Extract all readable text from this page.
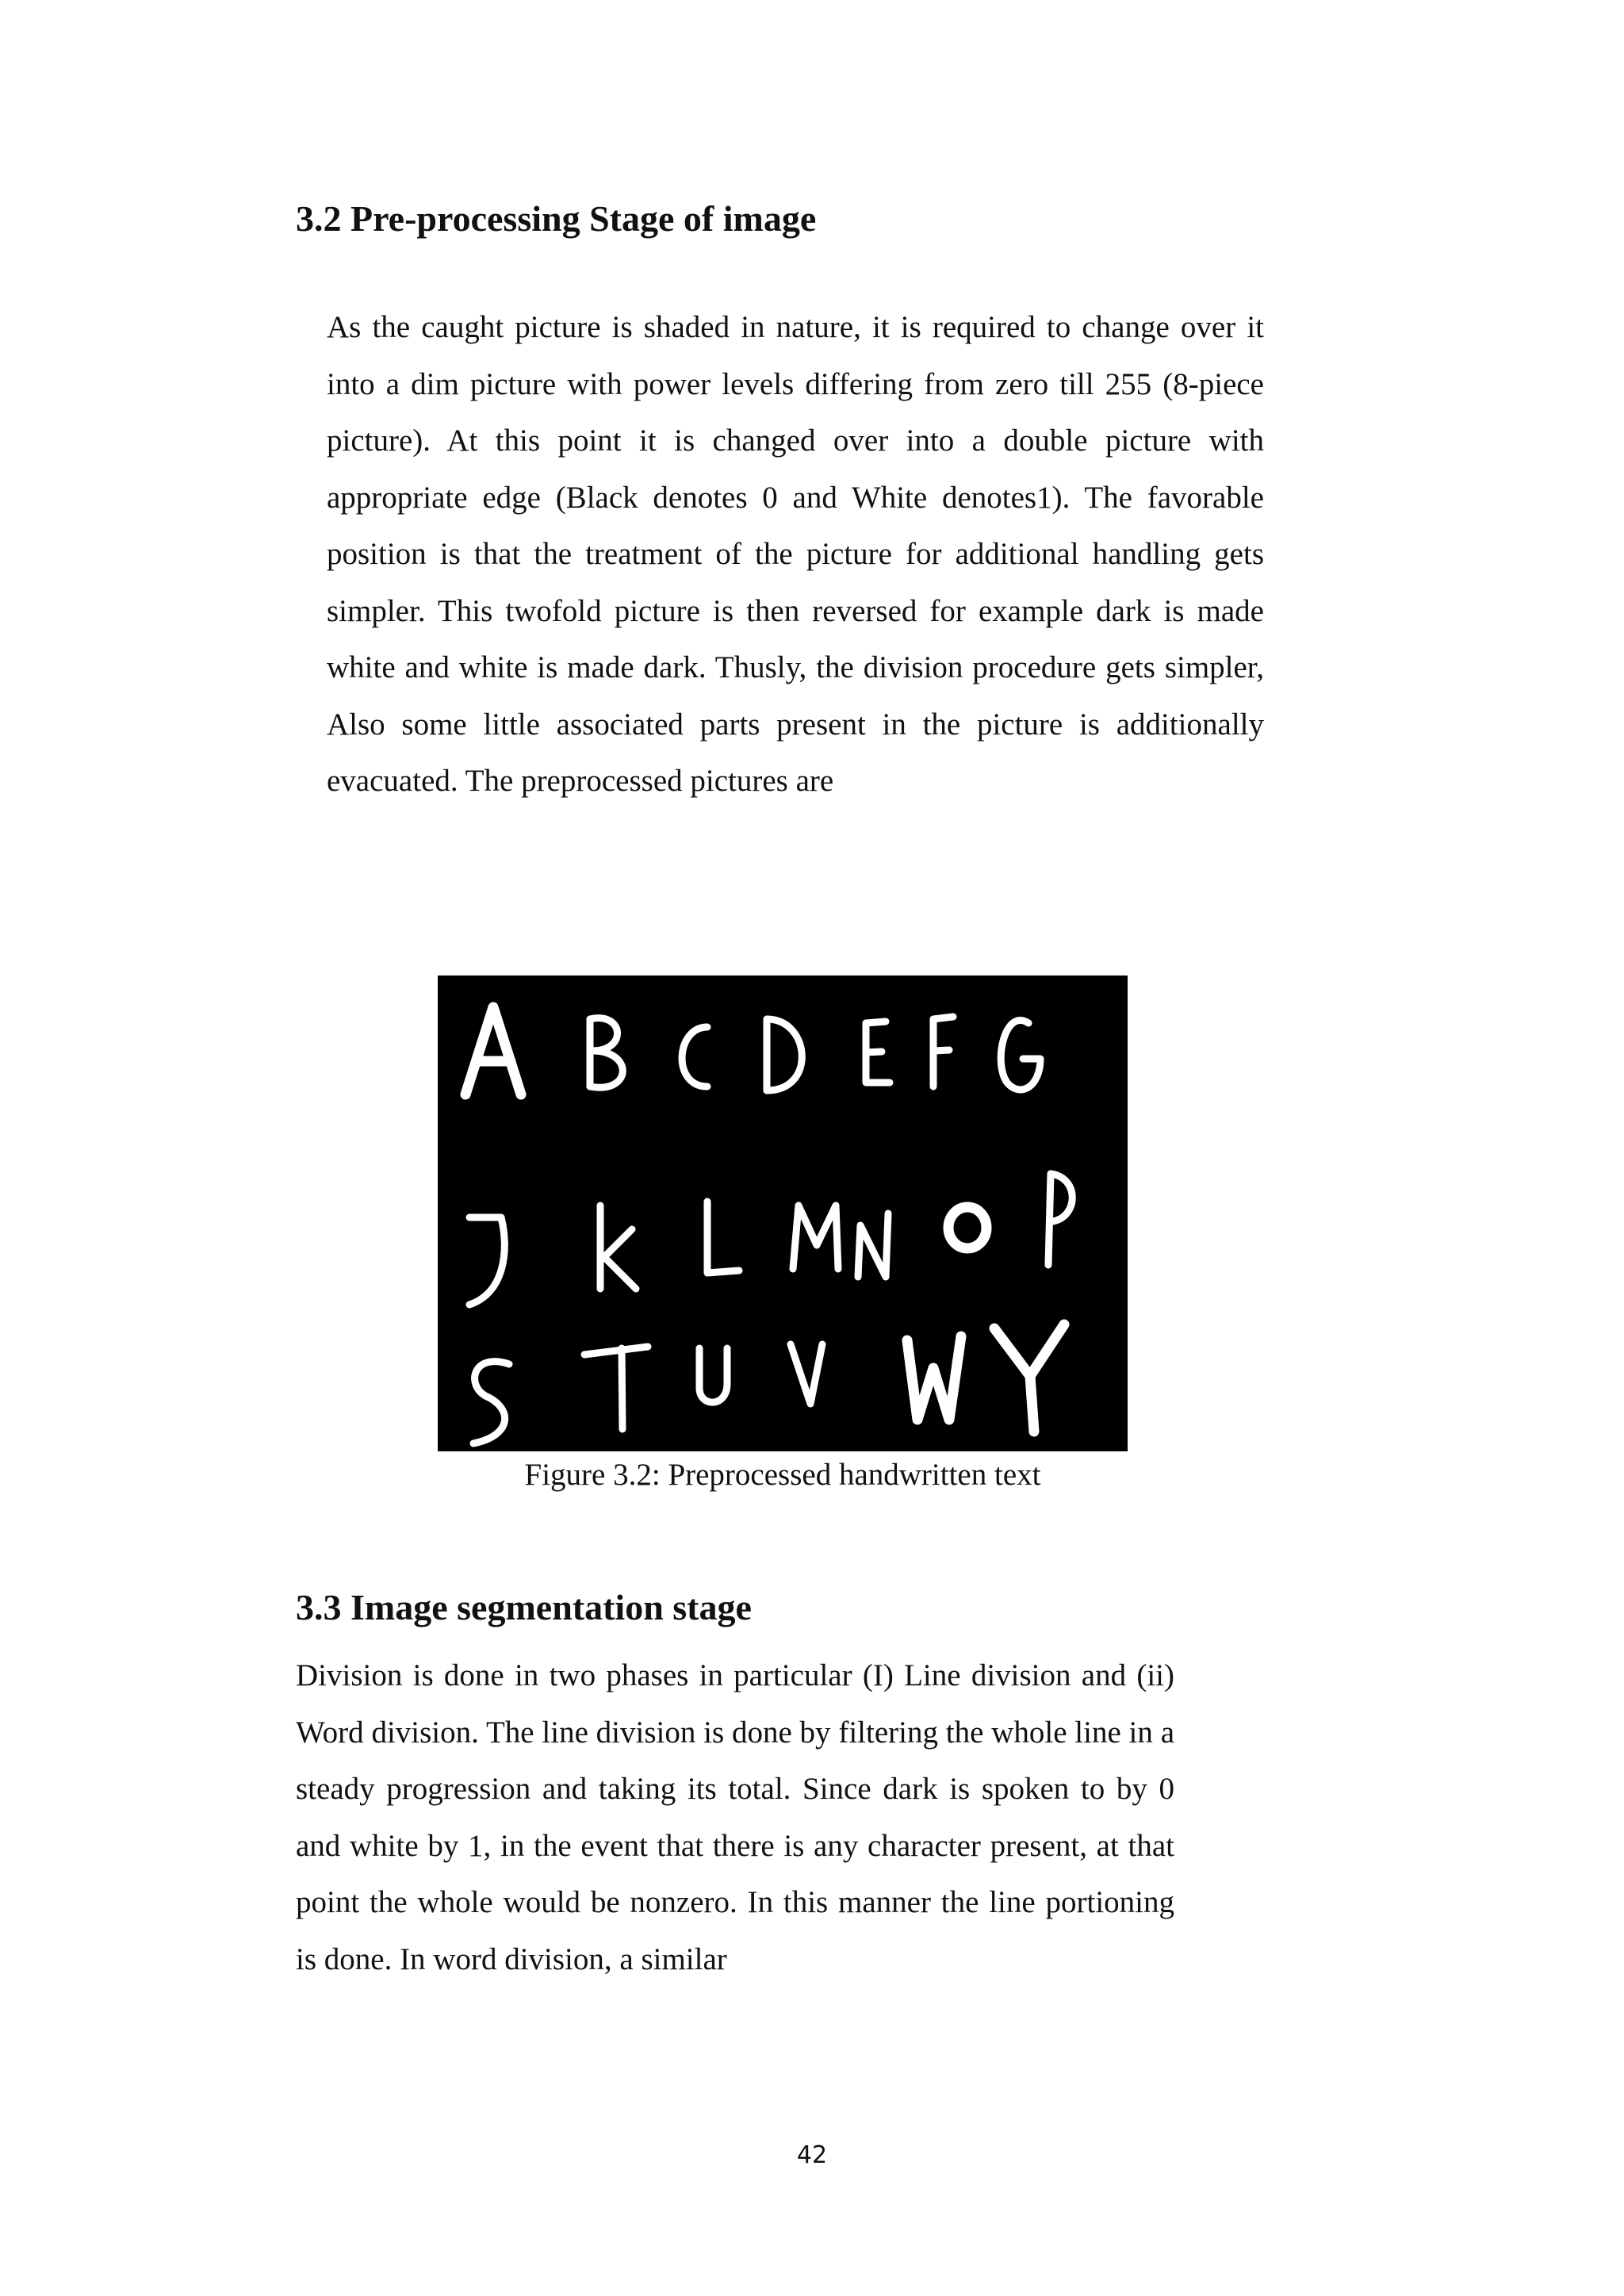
3.2 Pre-processing Stage of image

As the caught picture is shaded in nature, it is required to change over it into a dim picture with power levels differing from zero till 255 (8-piece picture). At this point it is changed over into a double picture with appropriate edge (Black denotes 0 and White denotes1). The favorable position is that the treatment of the picture for additional handling gets simpler. This twofold picture is then reversed for example dark is made white and white is made dark. Thusly, the division procedure gets simpler, Also some little associated parts present in the picture is additionally evacuated. The preprocessed pictures are

Figure 3.2: Preprocessed handwritten text

3.3 Image segmentation stage

Division is done in two phases in particular (I) Line division and (ii) Word division. The line division is done by filtering the whole line in a steady progression and taking its total. Since dark is spoken to by 0 and white by 1, in the event that there is any character present, at that point the whole would be nonzero. In this manner the line portioning is done. In word division, a similar

42
